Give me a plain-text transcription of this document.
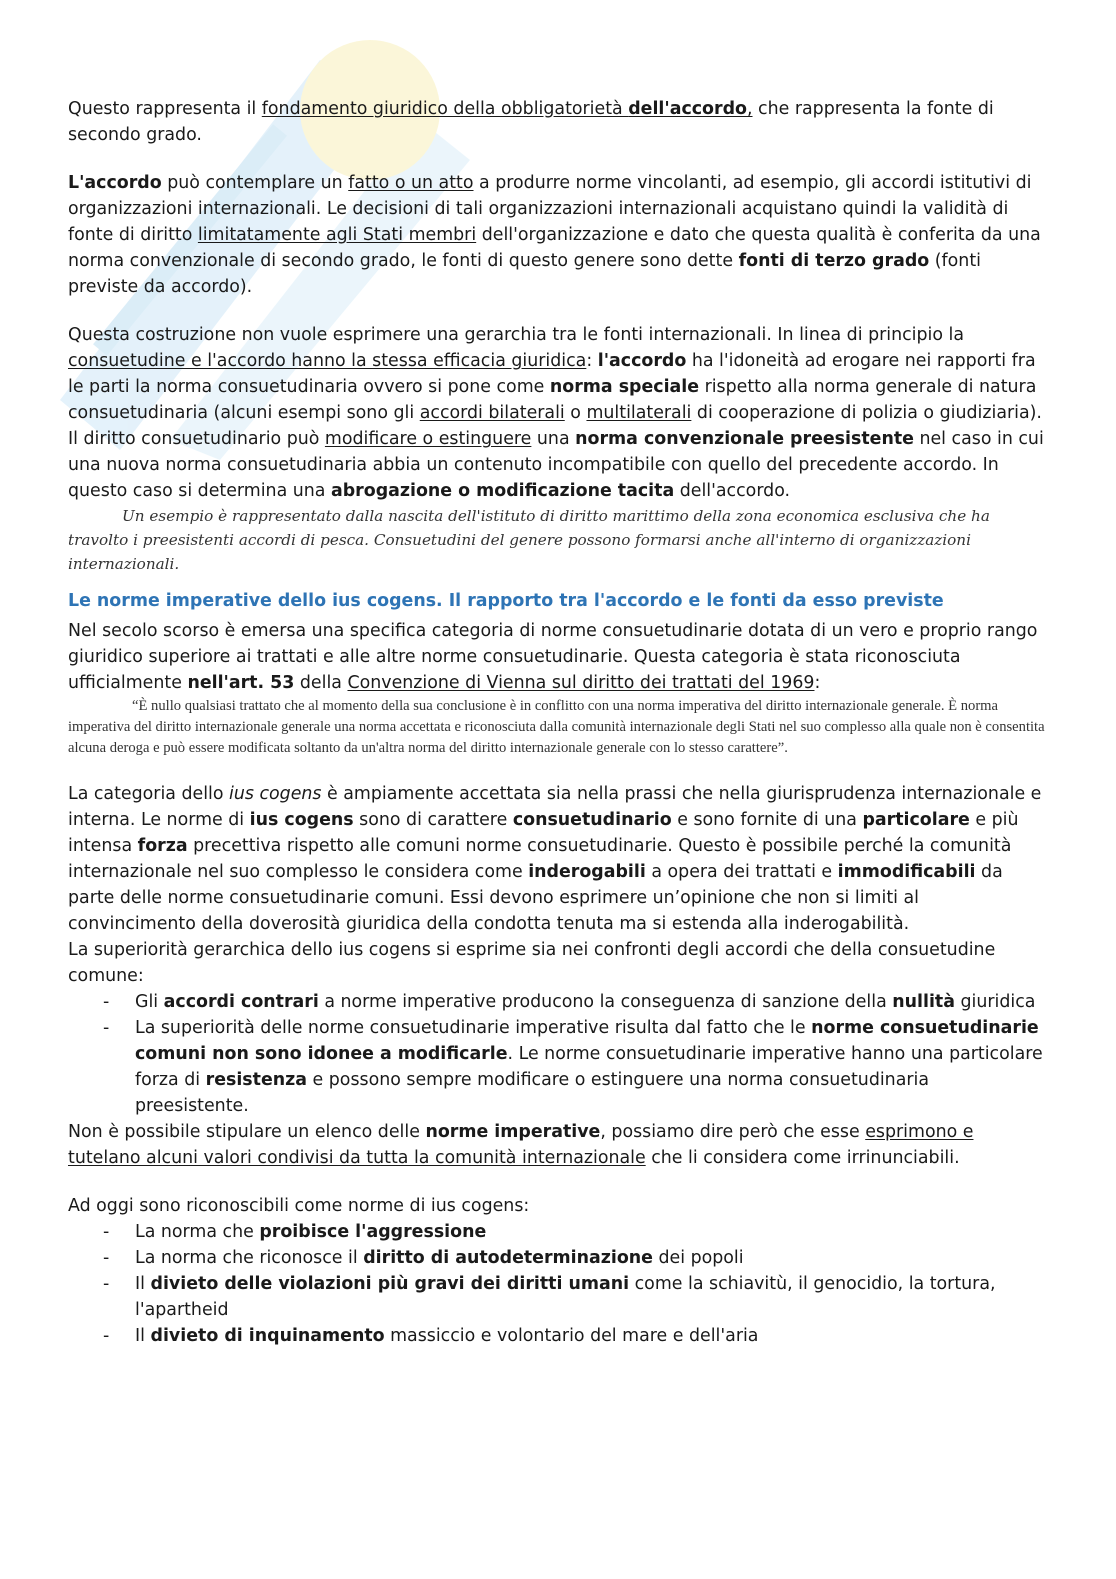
Questo rappresenta il fondamento giuridico della obbligatorietà dell'accordo, che rappresenta la fonte di secondo grado.

L'accordo può contemplare un fatto o un atto a produrre norme vincolanti, ad esempio, gli accordi istitutivi di organizzazioni internazionali. Le decisioni di tali organizzazioni internazionali acquistano quindi la validità di fonte di diritto limitatamente agli Stati membri dell'organizzazione e dato che questa qualità è conferita da una norma convenzionale di secondo grado, le fonti di questo genere sono dette fonti di terzo grado (fonti previste da accordo).

Questa costruzione non vuole esprimere una gerarchia tra le fonti internazionali. In linea di principio la consuetudine e l'accordo hanno la stessa efficacia giuridica: l'accordo ha l'idoneità ad erogare nei rapporti fra le parti la norma consuetudinaria ovvero si pone come norma speciale rispetto alla norma generale di natura consuetudinaria (alcuni esempi sono gli accordi bilaterali o multilaterali di cooperazione di polizia o giudiziaria).

Il diritto consuetudinario può modificare o estinguere una norma convenzionale preesistente nel caso in cui una nuova norma consuetudinaria abbia un contenuto incompatibile con quello del precedente accordo. In questo caso si determina una abrogazione o modificazione tacita dell'accordo.

Un esempio è rappresentato dalla nascita dell'istituto di diritto marittimo della zona economica esclusiva che ha travolto i preesistenti accordi di pesca. Consuetudini del genere possono formarsi anche all'interno di organizzazioni internazionali.

Le norme imperative dello ius cogens. Il rapporto tra l'accordo e le fonti da esso previste

Nel secolo scorso è emersa una specifica categoria di norme consuetudinarie dotata di un vero e proprio rango giuridico superiore ai trattati e alle altre norme consuetudinarie. Questa categoria è stata riconosciuta ufficialmente nell'art. 53 della Convenzione di Vienna sul diritto dei trattati del 1969:

“È nullo qualsiasi trattato che al momento della sua conclusione è in conflitto con una norma imperativa del diritto internazionale generale. È norma imperativa del diritto internazionale generale una norma accettata e riconosciuta dalla comunità internazionale degli Stati nel suo complesso alla quale non è consentita alcuna deroga e può essere modificata soltanto da un'altra norma del diritto internazionale generale con lo stesso carattere”.

La categoria dello ius cogens è ampiamente accettata sia nella prassi che nella giurisprudenza internazionale e interna. Le norme di ius cogens sono di carattere consuetudinario e sono fornite di una particolare e più intensa forza precettiva rispetto alle comuni norme consuetudinarie. Questo è possibile perché la comunità internazionale nel suo complesso le considera come inderogabili a opera dei trattati e immodificabili da parte delle norme consuetudinarie comuni. Essi devono esprimere un’opinione che non si limiti al convincimento della doverosità giuridica della condotta tenuta ma si estenda alla inderogabilità.

La superiorità gerarchica dello ius cogens si esprime sia nei confronti degli accordi che della consuetudine comune:

- Gli accordi contrari a norme imperative producono la conseguenza di sanzione della nullità giuridica
- La superiorità delle norme consuetudinarie imperative risulta dal fatto che le norme consuetudinarie comuni non sono idonee a modificarle. Le norme consuetudinarie imperative hanno una particolare forza di resistenza e possono sempre modificare o estinguere una norma consuetudinaria preesistente.

Non è possibile stipulare un elenco delle norme imperative, possiamo dire però che esse esprimono e tutelano alcuni valori condivisi da tutta la comunità internazionale che li considera come irrinunciabili.

Ad oggi sono riconoscibili come norme di ius cogens:

- La norma che proibisce l'aggressione
- La norma che riconosce il diritto di autodeterminazione dei popoli
- Il divieto delle violazioni più gravi dei diritti umani come la schiavitù, il genocidio, la tortura, l'apartheid
- Il divieto di inquinamento massiccio e volontario del mare e dell'aria
